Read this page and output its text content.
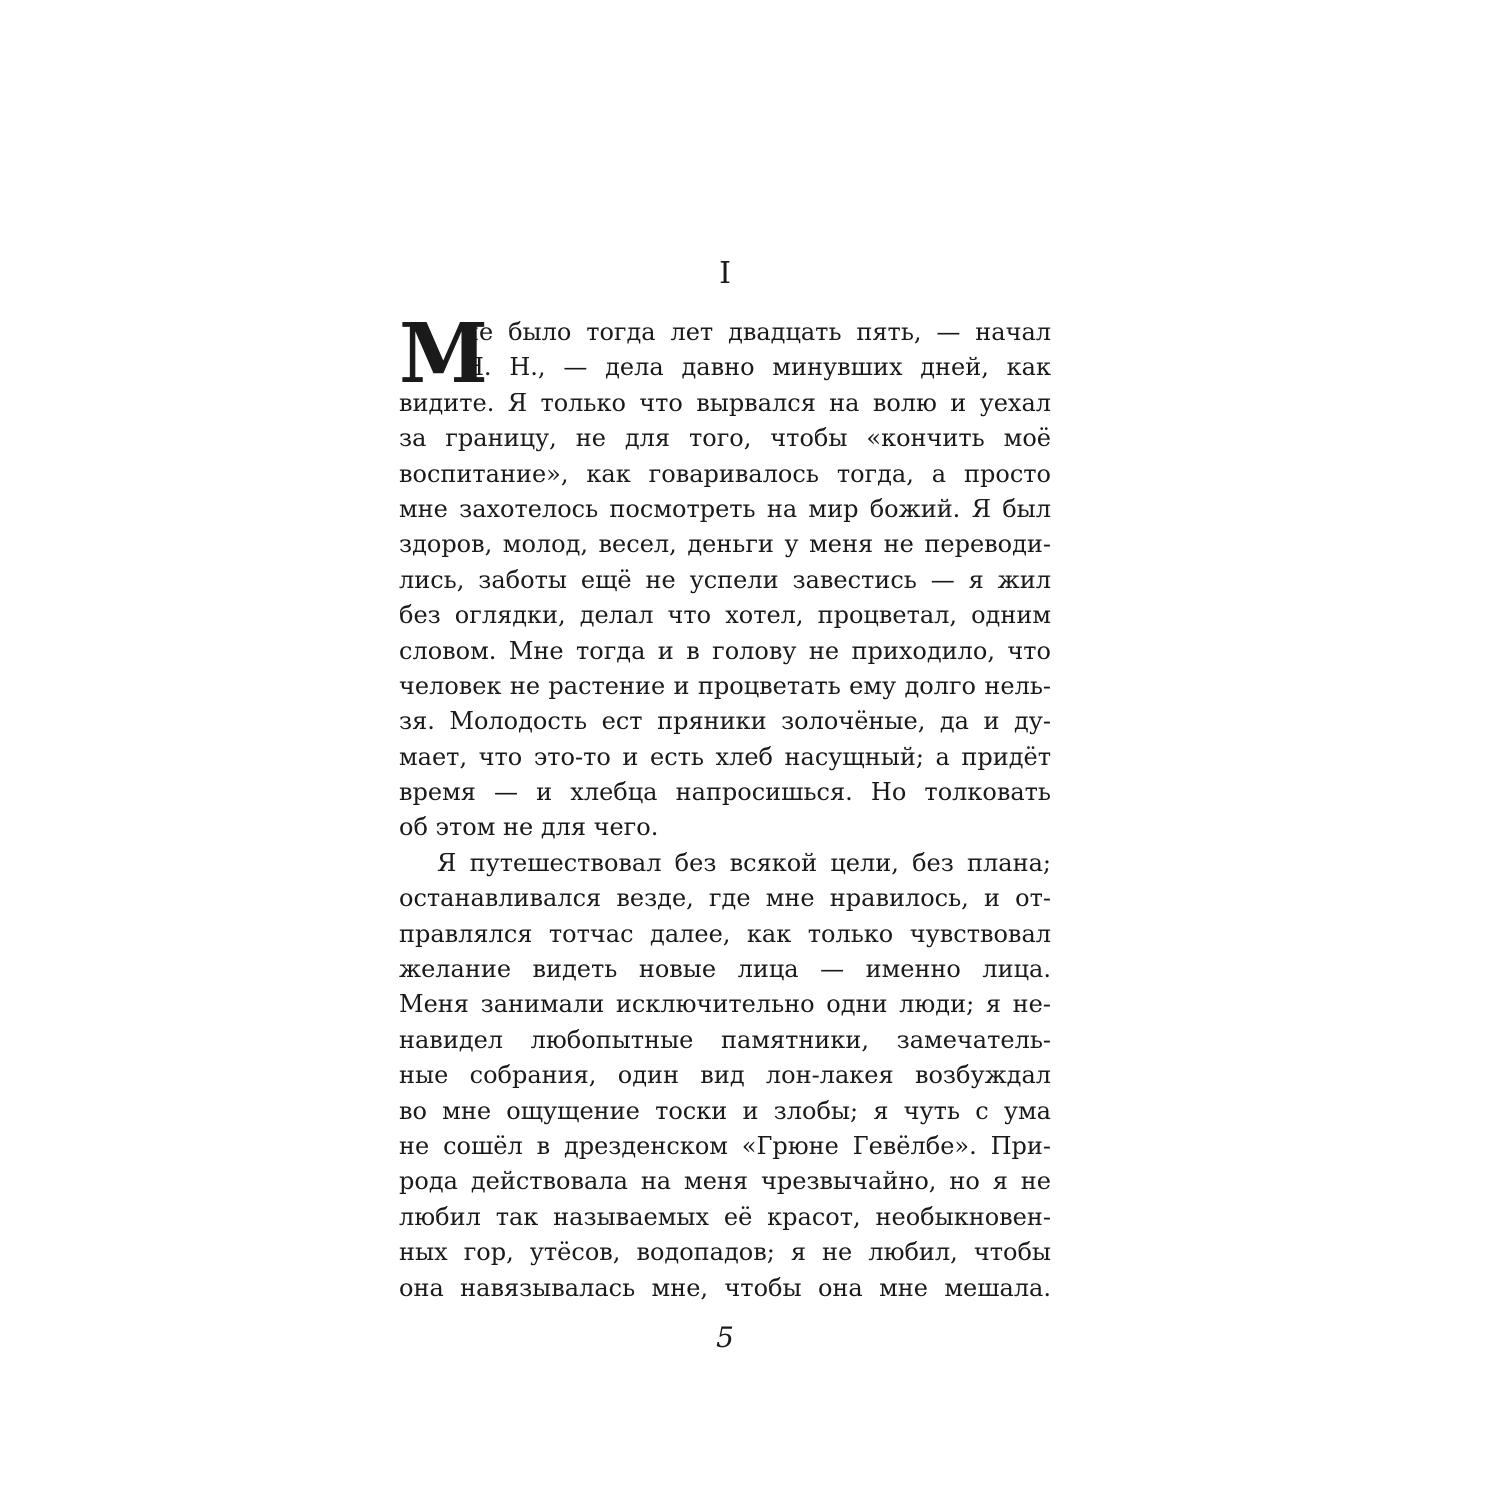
I
М
не было тогда лет двадцать пять, — начал
Н. Н., — дела давно минувших дней, как
видите. Я только что вырвался на волю и уехал
за границу, не для того, чтобы «кончить моё
воспитание», как говаривалось тогда, а просто
мне захотелось посмотреть на мир божий. Я был
здоров, молод, весел, деньги у меня не переводи-
лись, заботы ещё не успели завестись — я жил
без оглядки, делал что хотел, процветал, одним
словом. Мне тогда и в голову не приходило, что
человек не растение и процветать ему долго нель-
зя. Молодость ест пряники золочёные, да и ду-
мает, что это-то и есть хлеб насущный; а придёт
время — и хлебца напросишься. Но толковать
об этом не для чего.
Я путешествовал без всякой цели, без плана;
останавливался везде, где мне нравилось, и от-
правлялся тотчас далее, как только чувствовал
желание видеть новые лица — именно лица.
Меня занимали исключительно одни люди; я не-
навидел любопытные памятники, замечатель-
ные собрания, один вид лон-лакея возбуждал
во мне ощущение тоски и злобы; я чуть с ума
не сошёл в дрезденском «Грюне Гевёлбе». При-
рода действовала на меня чрезвычайно, но я не
любил так называемых её красот, необыкновен-
ных гор, утёсов, водопадов; я не любил, чтобы
она навязывалась мне, чтобы она мне мешала.
5
